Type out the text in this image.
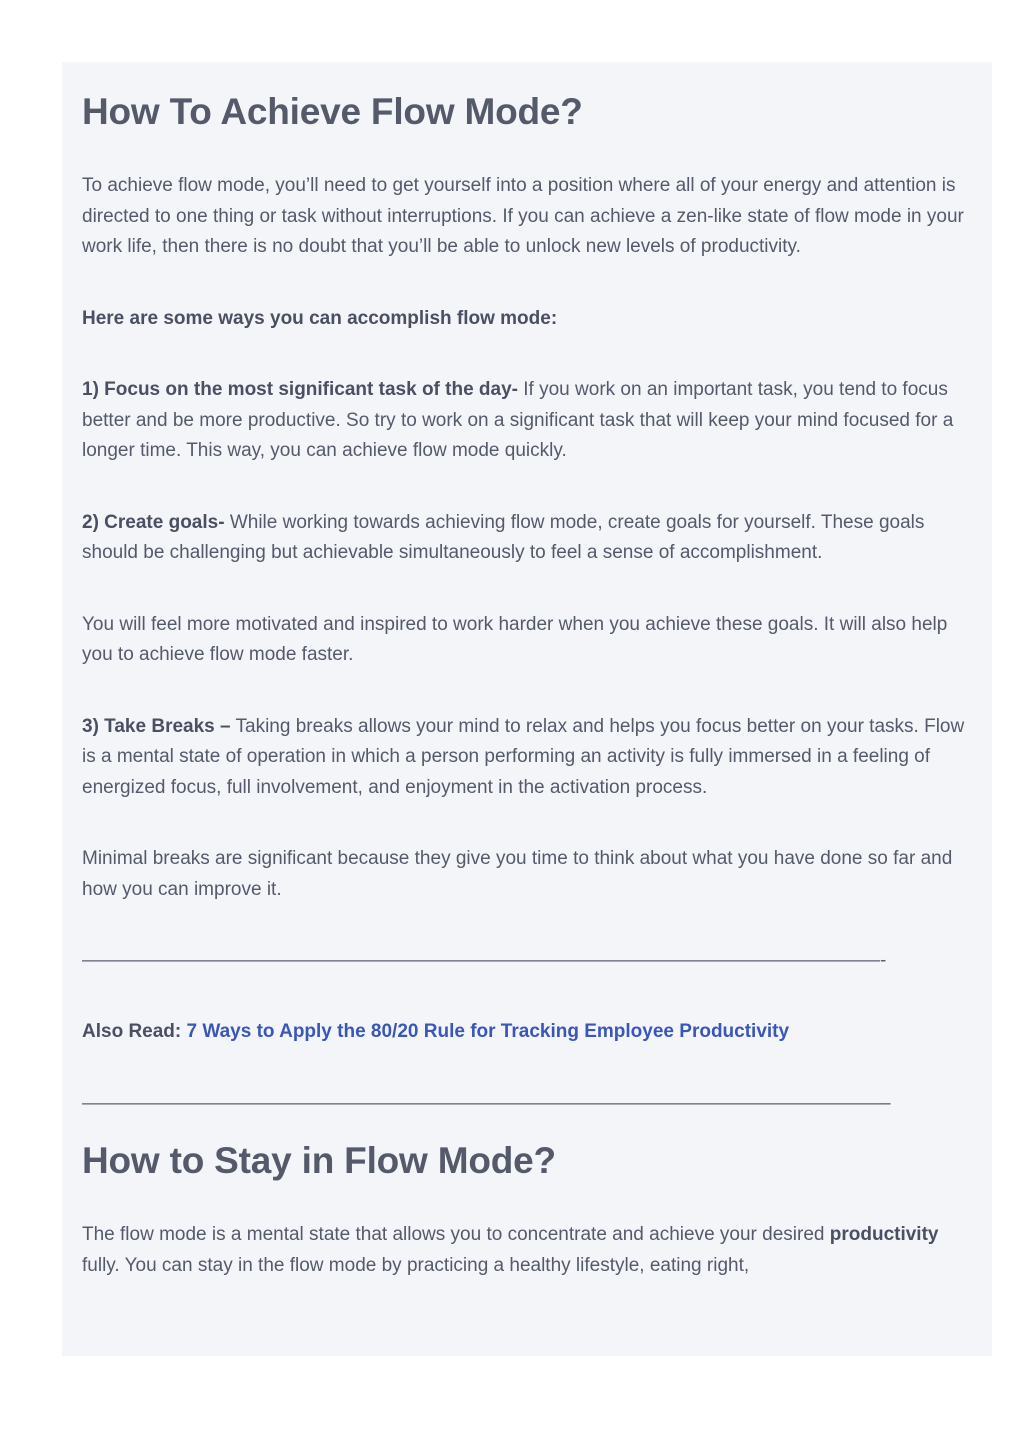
How To Achieve Flow Mode?

To achieve flow mode, you’ll need to get yourself into a position where all of your energy and attention is directed to one thing or task without interruptions. If you can achieve a zen-like state of flow mode in your work life, then there is no doubt that you’ll be able to unlock new levels of productivity.

Here are some ways you can accomplish flow mode:

1) Focus on the most significant task of the day- If you work on an important task, you tend to focus better and be more productive. So try to work on a significant task that will keep your mind focused for a longer time. This way, you can achieve flow mode quickly.

2) Create goals- While working towards achieving flow mode, create goals for yourself. These goals should be challenging but achievable simultaneously to feel a sense of accomplishment.

You will feel more motivated and inspired to work harder when you achieve these goals. It will also help you to achieve flow mode faster.

3) Take Breaks – Taking breaks allows your mind to relax and helps you focus better on your tasks. Flow is a mental state of operation in which a person performing an activity is fully immersed in a feeling of energized focus, full involvement, and enjoyment in the activation process.

Minimal breaks are significant because they give you time to think about what you have done so far and how you can improve it.

——————————————————————————————————————————-

Also Read: 7 Ways to Apply the 80/20 Rule for Tracking Employee Productivity

——————————————————————————————————————————–

How to Stay in Flow Mode?

The flow mode is a mental state that allows you to concentrate and achieve your desired productivity fully. You can stay in the flow mode by practicing a healthy lifestyle, eating right,
